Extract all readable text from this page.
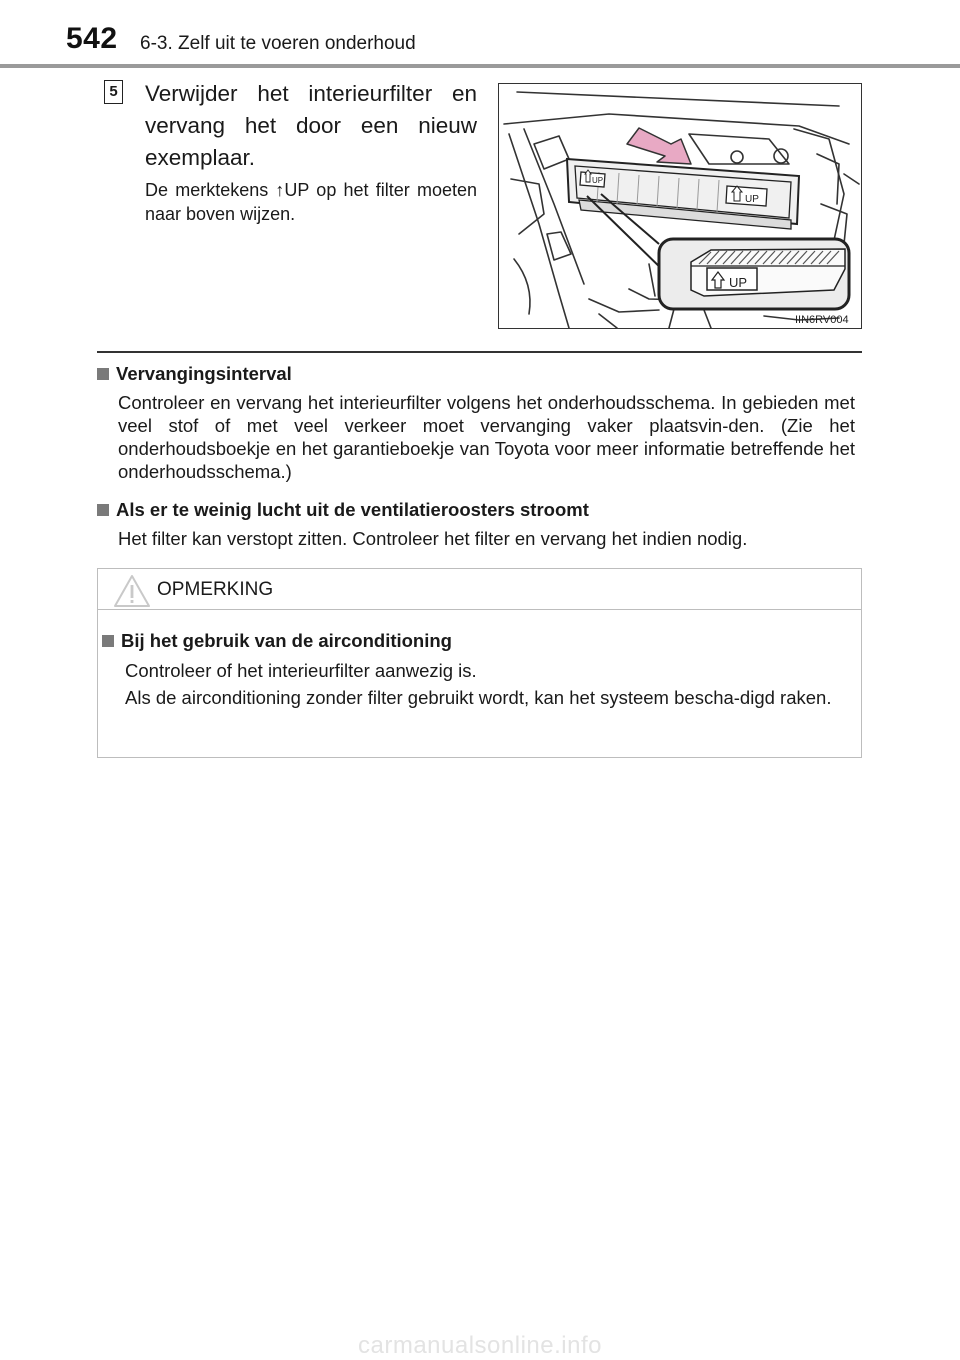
542 6-3. Zelf uit te voeren onderhoud
5 Verwijder het interieurfilter en vervang het door een nieuw exemplaar.
De merktekens ↑UP op het filter moeten naar boven wijzen.
UP
UP
UP
IIN6RV004
Vervangingsinterval
Controleer en vervang het interieurfilter volgens het onderhoudsschema. In gebieden met veel stof of met veel verkeer moet vervanging vaker plaatsvin-den. (Zie het onderhoudsboekje en het garantieboekje van Toyota voor meer informatie betreffende het onderhoudsschema.)
Als er te weinig lucht uit de ventilatieroosters stroomt
Het filter kan verstopt zitten. Controleer het filter en vervang het indien nodig.
OPMERKING
Bij het gebruik van de airconditioning
Controleer of het interieurfilter aanwezig is.
Als de airconditioning zonder filter gebruikt wordt, kan het systeem bescha-digd raken.
carmanualsonline.info
